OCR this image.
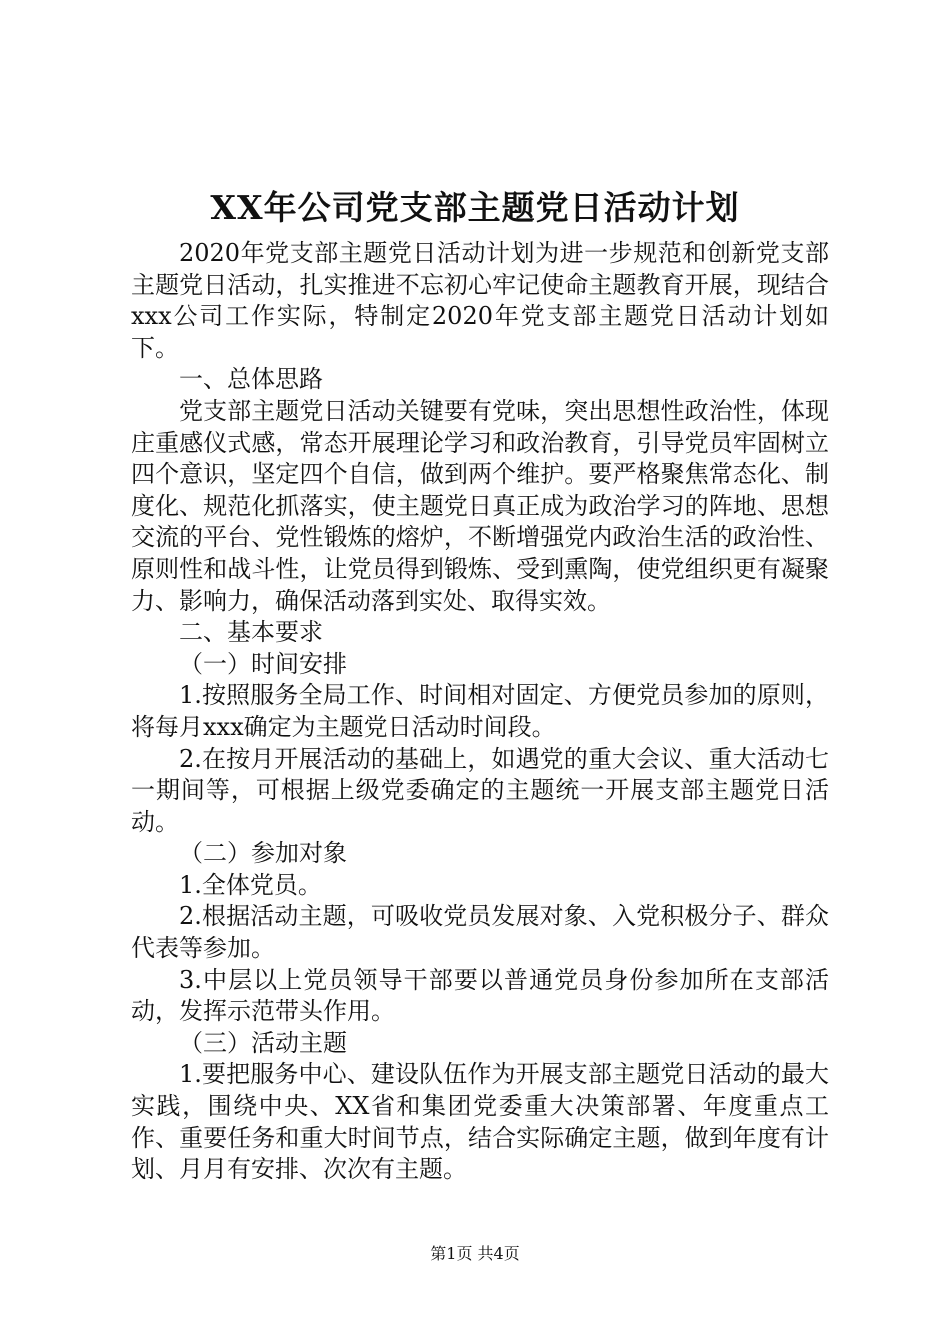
XX年公司党支部主题党日活动计划

2020年党支部主题党日活动计划为进一步规范和创新党支部主题党日活动，扎实推进不忘初心牢记使命主题教育开展，现结合xxx公司工作实际，特制定2020年党支部主题党日活动计划如下。

一、总体思路

党支部主题党日活动关键要有党味，突出思想性政治性，体现庄重感仪式感，常态开展理论学习和政治教育，引导党员牢固树立四个意识，坚定四个自信，做到两个维护。要严格聚焦常态化、制度化、规范化抓落实，使主题党日真正成为政治学习的阵地、思想交流的平台、党性锻炼的熔炉，不断增强党内政治生活的政治性、原则性和战斗性，让党员得到锻炼、受到熏陶，使党组织更有凝聚力、影响力，确保活动落到实处、取得实效。

二、基本要求

（一）时间安排

1.按照服务全局工作、时间相对固定、方便党员参加的原则，将每月xxx确定为主题党日活动时间段。

2.在按月开展活动的基础上，如遇党的重大会议、重大活动七一期间等，可根据上级党委确定的主题统一开展支部主题党日活动。

（二）参加对象

1.全体党员。

2.根据活动主题，可吸收党员发展对象、入党积极分子、群众代表等参加。

3.中层以上党员领导干部要以普通党员身份参加所在支部活动，发挥示范带头作用。

（三）活动主题

1.要把服务中心、建设队伍作为开展支部主题党日活动的最大实践，围绕中央、XX省和集团党委重大决策部署、年度重点工作、重要任务和重大时间节点，结合实际确定主题，做到年度有计划、月月有安排、次次有主题。

第1页 共4页
